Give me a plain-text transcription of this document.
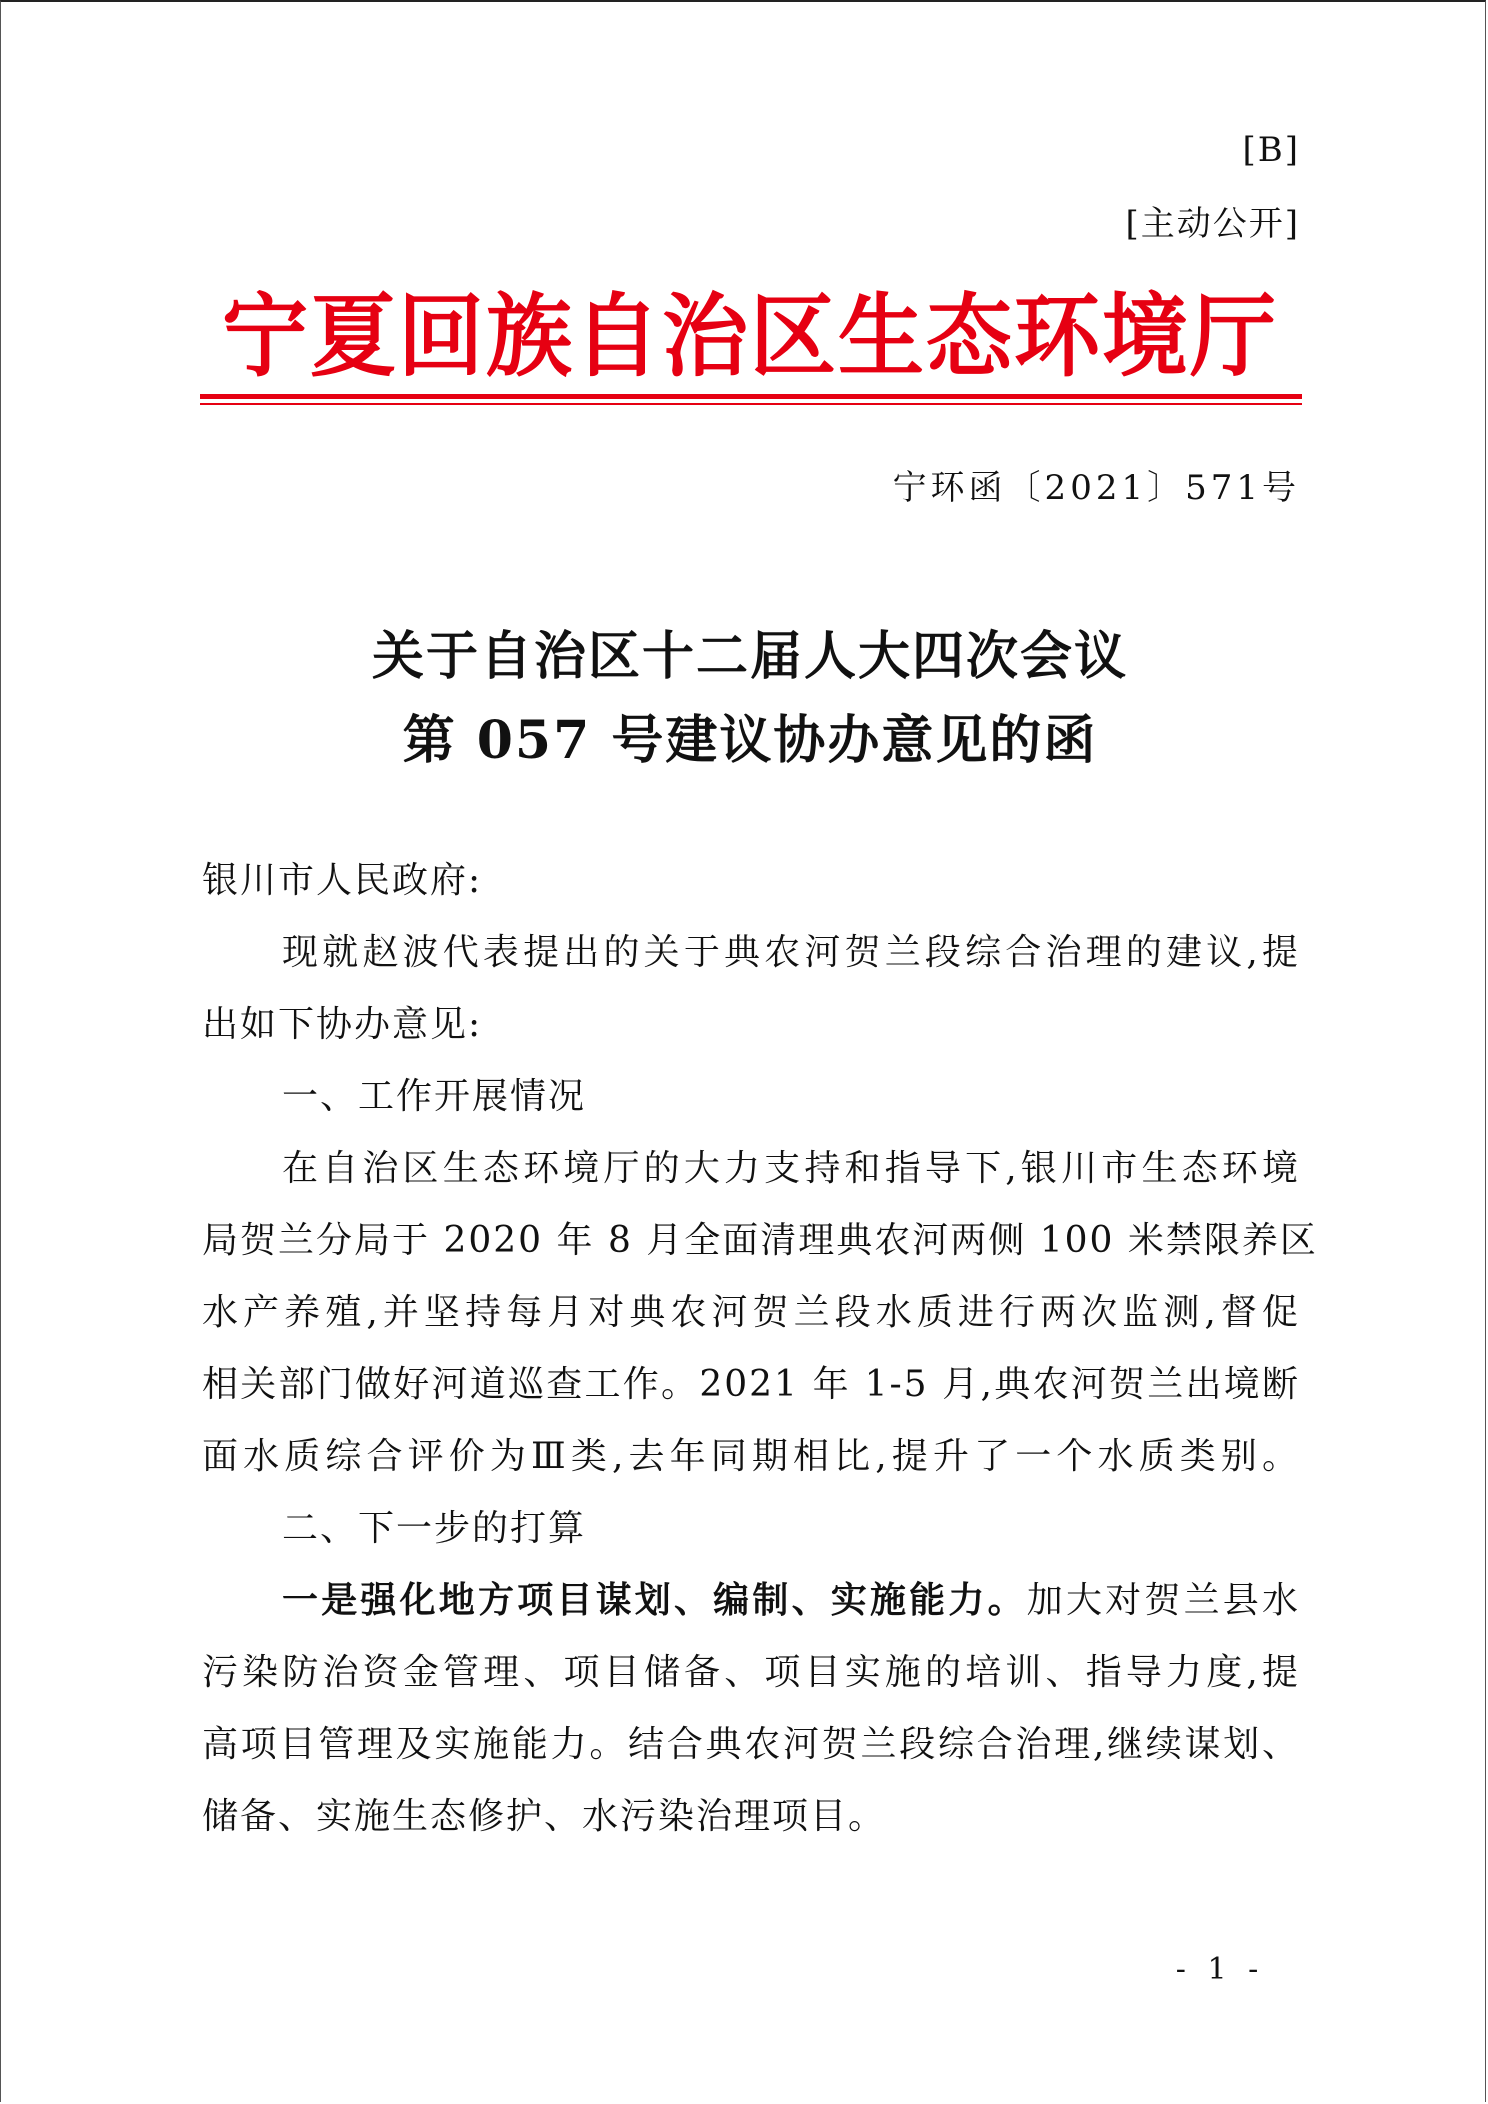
[B]
[主动公开]
宁夏回族自治区生态环境厅
宁环函〔2021〕571号
关于自治区十二届人大四次会议
第 057 号建议协办意见的函
银川市人民政府:
现就赵波代表提出的关于典农河贺兰段综合治理的建议,提
出如下协办意见:
一、工作开展情况
在自治区生态环境厅的大力支持和指导下,银川市生态环境
局贺兰分局于 2020 年 8 月全面清理典农河两侧 100 米禁限养区
水产养殖,并坚持每月对典农河贺兰段水质进行两次监测,督促
相关部门做好河道巡查工作。2021 年 1-5 月,典农河贺兰出境断
面水质综合评价为Ⅲ类,去年同期相比,提升了一个水质类别。
二、下一步的打算
一是强化地方项目谋划、编制、实施能力。加大对贺兰县水
污染防治资金管理、项目储备、项目实施的培训、指导力度,提
高项目管理及实施能力。结合典农河贺兰段综合治理,继续谋划、
储备、实施生态修护、水污染治理项目。
- 1 -
